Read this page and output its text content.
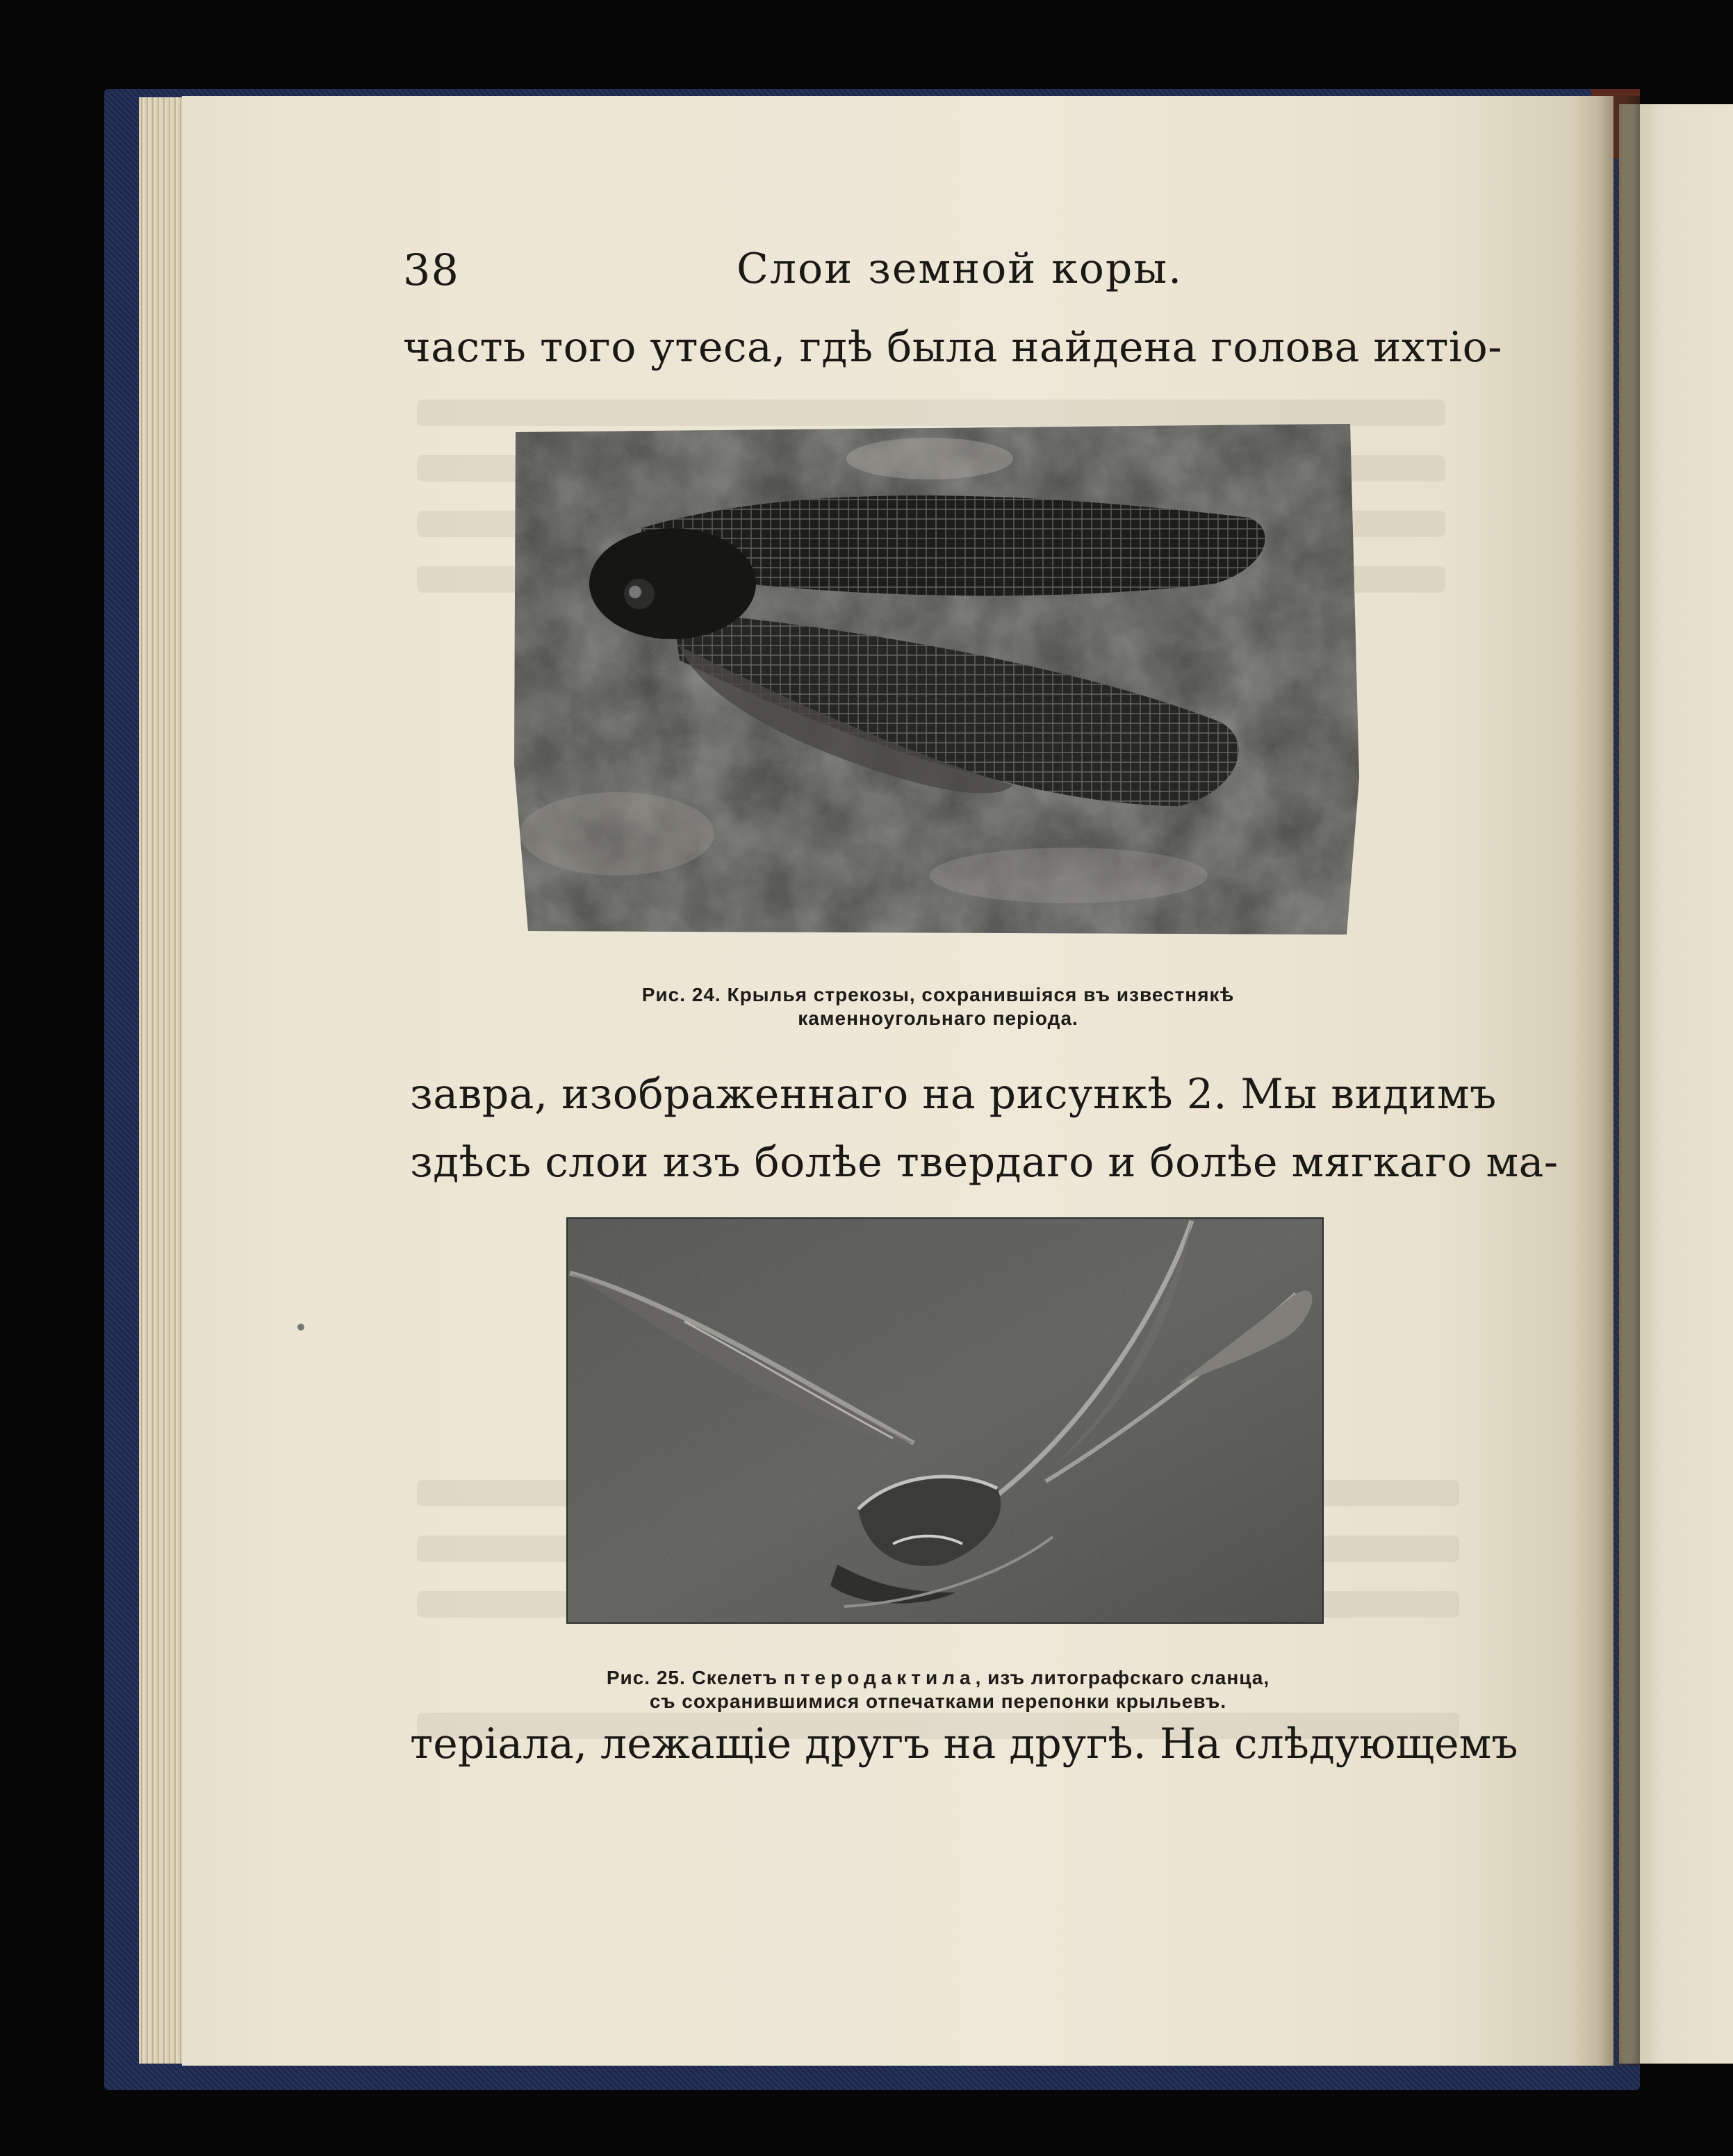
38	Слои земной коры.
часть того утеса, гдѣ была найдена голова ихтiо-
Рис. 24. Крылья стрекозы, сохранившiяся въ известнякѣ
каменноугольнаго перiода.
завра, изображеннаго на рисункѣ 2. Мы видимъ
здѣсь слои изъ болѣе твердаго и болѣе мягкаго ма-
Рис. 25. Скелетъ птеродактила, изъ литографскаго сланца,
съ сохранившимися отпечатками перепонки крыльевъ.
терiала, лежащiе другъ на другѣ. На слѣдующемъ
